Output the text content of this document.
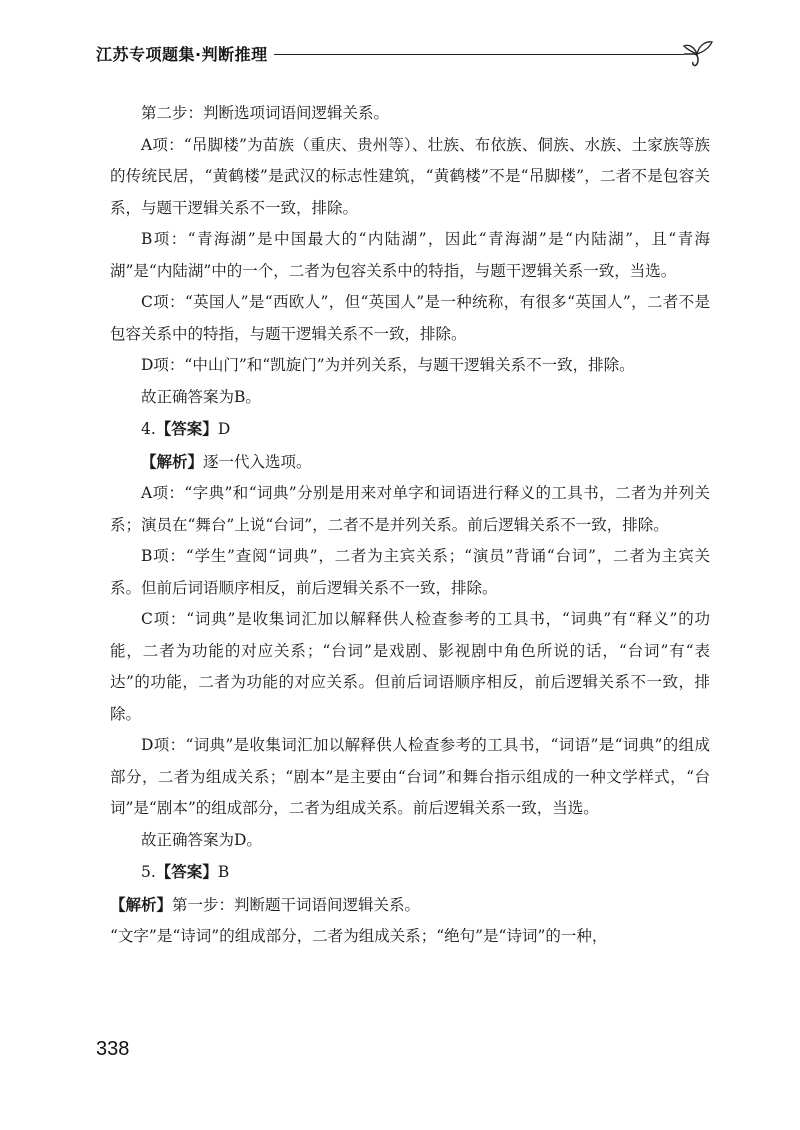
江苏专项题集·判断推理

第二步：判断选项词语间逻辑关系。

A项：“吊脚楼”为苗族（重庆、贵州等）、壮族、布依族、侗族、水族、土家族等族的传统民居，“黄鹤楼”是武汉的标志性建筑，“黄鹤楼”不是“吊脚楼”，二者不是包容关系，与题干逻辑关系不一致，排除。

B项：“青海湖”是中国最大的“内陆湖”，因此“青海湖”是“内陆湖”，且“青海湖”是“内陆湖”中的一个，二者为包容关系中的特指，与题干逻辑关系一致，当选。

C项：“英国人”是“西欧人”，但“英国人”是一种统称，有很多“英国人”，二者不是包容关系中的特指，与题干逻辑关系不一致，排除。

D项：“中山门”和“凯旋门”为并列关系，与题干逻辑关系不一致，排除。

故正确答案为B。

4.【答案】D

【解析】逐一代入选项。

A项：“字典”和“词典”分别是用来对单字和词语进行释义的工具书，二者为并列关系；演员在“舞台”上说“台词”，二者不是并列关系。前后逻辑关系不一致，排除。

B项：“学生”查阅“词典”，二者为主宾关系；“演员”背诵“台词”，二者为主宾关系。但前后词语顺序相反，前后逻辑关系不一致，排除。

C项：“词典”是收集词汇加以解释供人检查参考的工具书，“词典”有“释义”的功能，二者为功能的对应关系；“台词”是戏剧、影视剧中角色所说的话，“台词”有“表达”的功能，二者为功能的对应关系。但前后词语顺序相反，前后逻辑关系不一致，排除。

D项：“词典”是收集词汇加以解释供人检查参考的工具书，“词语”是“词典”的组成部分，二者为组成关系；“剧本”是主要由“台词”和舞台指示组成的一种文学样式，“台词”是“剧本”的组成部分，二者为组成关系。前后逻辑关系一致，当选。

故正确答案为D。

5.【答案】B

【解析】第一步：判断题干词语间逻辑关系。

“文字”是“诗词”的组成部分，二者为组成关系；“绝句”是“诗词”的一种，

338
